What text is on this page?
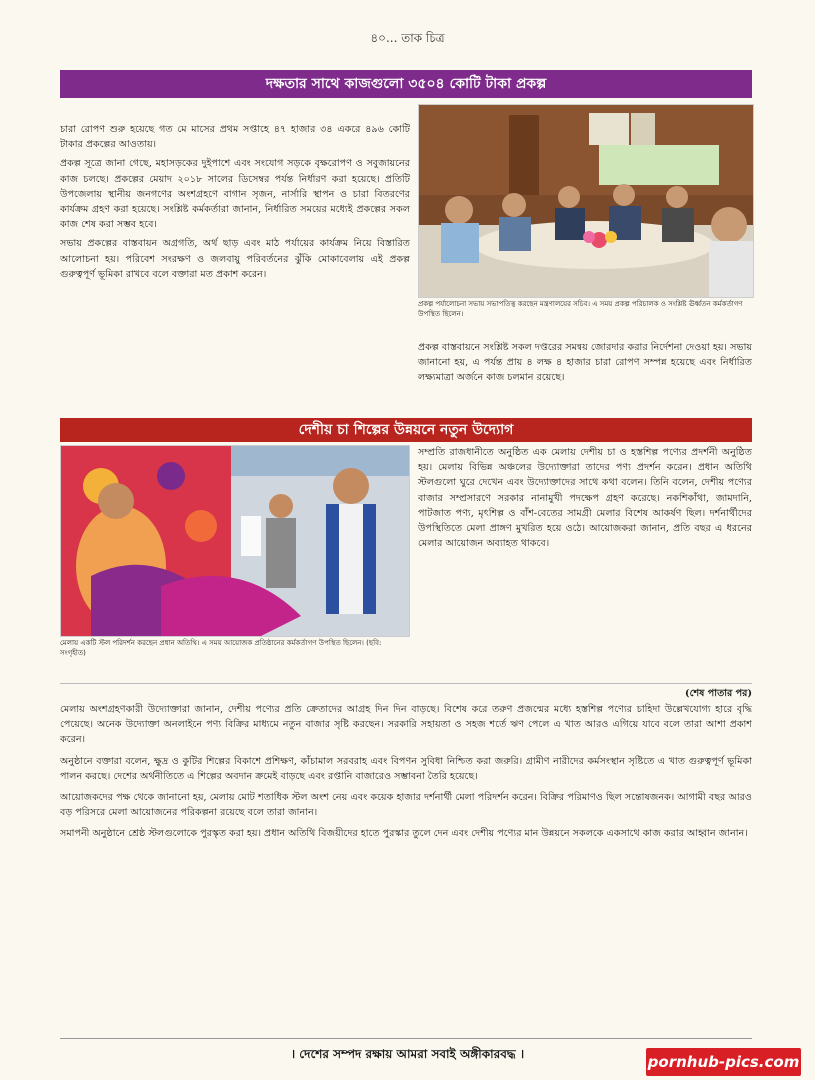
৪০... তাক চিত্র
দক্ষতার সাথে কাজগুলো ৩৫০৪ কোটি টাকা প্রকল্প

চারা রোপণ শুরু হয়েছে গত মে মাসের প্রথম সপ্তাহে ৪৭ হাজার ৩৪ একরে ৪৯৬ কোটি টাকার প্রকল্পের আওতায়।

প্রকল্প সূত্রে জানা গেছে, মহাসড়কের দুইপাশে এবং সংযোগ সড়কে বৃক্ষরোপণ ও সবুজায়নের কাজ চলছে। প্রকল্পের মেয়াদ ২০১৮ সালের ডিসেম্বর পর্যন্ত নির্ধারণ করা হয়েছে। প্রতিটি উপজেলায় স্থানীয় জনগণের অংশগ্রহণে বাগান সৃজন, নার্সারি স্থাপন ও চারা বিতরণের কার্যক্রম গ্রহণ করা হয়েছে। সংশ্লিষ্ট কর্মকর্তারা জানান, নির্ধারিত সময়ের মধ্যেই প্রকল্পের সকল কাজ শেষ করা সম্ভব হবে।

সভায় প্রকল্পের বাস্তবায়ন অগ্রগতি, অর্থ ছাড় এবং মাঠ পর্যায়ের কার্যক্রম নিয়ে বিস্তারিত আলোচনা হয়। পরিবেশ সংরক্ষণ ও জলবায়ু পরিবর্তনের ঝুঁকি মোকাবেলায় এই প্রকল্প গুরুত্বপূর্ণ ভূমিকা রাখবে বলে বক্তারা মত প্রকাশ করেন।

প্রকল্প পর্যালোচনা সভায় সভাপতিত্ব করছেন মন্ত্রণালয়ের সচিব। এ সময় প্রকল্প পরিচালক ও সংশ্লিষ্ট ঊর্ধ্বতন কর্মকর্তাগণ উপস্থিত ছিলেন।
প্রকল্প বাস্তবায়নে সংশ্লিষ্ট সকল দপ্তরের সমন্বয় জোরদার করার নির্দেশনা দেওয়া হয়। সভায় জানানো হয়, এ পর্যন্ত প্রায় ৪ লক্ষ ৪ হাজার চারা রোপণ সম্পন্ন হয়েছে এবং নির্ধারিত লক্ষ্যমাত্রা অর্জনে কাজ চলমান রয়েছে।
দেশীয় চা শিল্পের উন্নয়নে নতুন উদ্যোগ
মেলায় একটি স্টল পরিদর্শন করছেন প্রধান অতিথি। এ সময় আয়োজক প্রতিষ্ঠানের কর্মকর্তাগণ উপস্থিত ছিলেন। (ছবি: সংগৃহীত)
সম্প্রতি রাজধানীতে অনুষ্ঠিত এক মেলায় দেশীয় চা ও হস্তশিল্প পণ্যের প্রদর্শনী অনুষ্ঠিত হয়। মেলায় বিভিন্ন অঞ্চলের উদ্যোক্তারা তাদের পণ্য প্রদর্শন করেন। প্রধান অতিথি স্টলগুলো ঘুরে দেখেন এবং উদ্যোক্তাদের সাথে কথা বলেন। তিনি বলেন, দেশীয় পণ্যের বাজার সম্প্রসারণে সরকার নানামুখী পদক্ষেপ গ্রহণ করেছে। নকশিকাঁথা, জামদানি, পাটজাত পণ্য, মৃৎশিল্প ও বাঁশ-বেতের সামগ্রী মেলার বিশেষ আকর্ষণ ছিল। দর্শনার্থীদের উপস্থিতিতে মেলা প্রাঙ্গণ মুখরিত হয়ে ওঠে। আয়োজকরা জানান, প্রতি বছর এ ধরনের মেলার আয়োজন অব্যাহত থাকবে।
(শেষ পাতার পর)

মেলায় অংশগ্রহণকারী উদ্যোক্তারা জানান, দেশীয় পণ্যের প্রতি ক্রেতাদের আগ্রহ দিন দিন বাড়ছে। বিশেষ করে তরুণ প্রজন্মের মধ্যে হস্তশিল্প পণ্যের চাহিদা উল্লেখযোগ্য হারে বৃদ্ধি পেয়েছে। অনেক উদ্যোক্তা অনলাইনে পণ্য বিক্রির মাধ্যমে নতুন বাজার সৃষ্টি করছেন। সরকারি সহায়তা ও সহজ শর্তে ঋণ পেলে এ খাত আরও এগিয়ে যাবে বলে তারা আশা প্রকাশ করেন।

অনুষ্ঠানে বক্তারা বলেন, ক্ষুদ্র ও কুটির শিল্পের বিকাশে প্রশিক্ষণ, কাঁচামাল সরবরাহ এবং বিপণন সুবিধা নিশ্চিত করা জরুরি। গ্রামীণ নারীদের কর্মসংস্থান সৃষ্টিতে এ খাত গুরুত্বপূর্ণ ভূমিকা পালন করছে। দেশের অর্থনীতিতে এ শিল্পের অবদান ক্রমেই বাড়ছে এবং রপ্তানি বাজারেও সম্ভাবনা তৈরি হয়েছে।

আয়োজকদের পক্ষ থেকে জানানো হয়, মেলায় মোট শতাধিক স্টল অংশ নেয় এবং কয়েক হাজার দর্শনার্থী মেলা পরিদর্শন করেন। বিক্রির পরিমাণও ছিল সন্তোষজনক। আগামী বছর আরও বড় পরিসরে মেলা আয়োজনের পরিকল্পনা রয়েছে বলে তারা জানান।

সমাপনী অনুষ্ঠানে শ্রেষ্ঠ স্টলগুলোকে পুরস্কৃত করা হয়। প্রধান অতিথি বিজয়ীদের হাতে পুরস্কার তুলে দেন এবং দেশীয় পণ্যের মান উন্নয়নে সকলকে একসাথে কাজ করার আহ্বান জানান।

। দেশের সম্পদ রক্ষায় আমরা সবাই অঙ্গীকারবদ্ধ ।	pornhub-pics.com
